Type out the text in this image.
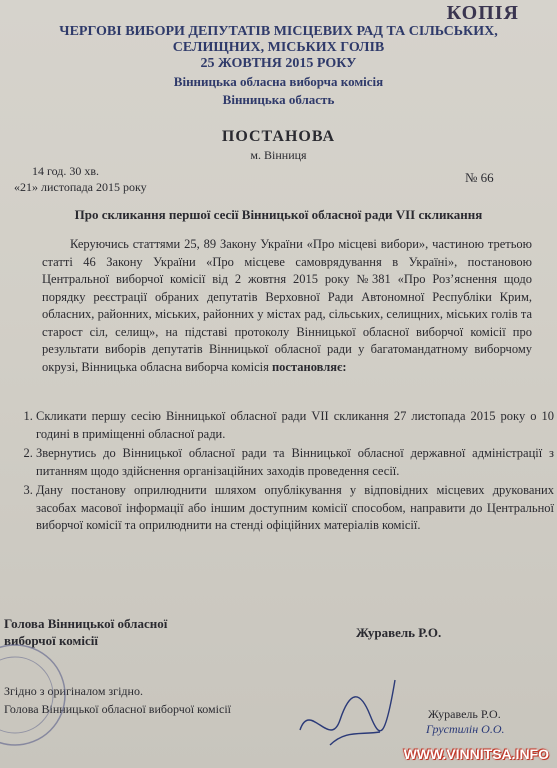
КОПІЯ
ЧЕРГОВІ ВИБОРИ ДЕПУТАТІВ МІСЦЕВИХ РАД ТА СІЛЬСЬКИХ,
СЕЛИЩНИХ, МІСЬКИХ ГОЛІВ
25 ЖОВТНЯ 2015 РОКУ
Вінницька обласна виборча комісія
Вінницька область
ПОСТАНОВА
м. Вінниця
14 год. 30 хв.
«21» листопада 2015 року
№ 66
Про скликання першої сесії Вінницької обласної ради VII скликання
Керуючись статтями 25, 89 Закону України «Про місцеві вибори», частиною третьою статті 46 Закону України «Про місцеве самоврядування в Україні», постановою Центральної виборчої комісії від 2 жовтня 2015 року №381 «Про Роз’яснення щодо порядку реєстрації обраних депутатів Верховної Ради Автономної Республіки Крим, обласних, районних, міських, районних у містах рад, сільських, селищних, міських голів та старост сіл, селищ», на підставі протоколу Вінницької обласної виборчої комісії про результати виборів депутатів Вінницької обласної ради у багатомандатному виборчому окрузі, Вінницька обласна виборча комісія постановляє:
1. Скликати першу сесію Вінницької обласної ради VII скликання 27 листопада 2015 року о 10 годині в приміщенні обласної ради.
2. Звернутись до Вінницької обласної ради та Вінницької обласної державної адміністрації з питанням щодо здійснення організаційних заходів проведення сесії.
3. Дану постанову оприлюднити шляхом опублікування у відповідних місцевих друкованих засобах масової інформації або іншим доступним комісії способом, направити до Центральної виборчої комісії та оприлюднити на стенді офіційних матеріалів комісії.
Голова Вінницької обласної
виборчої комісії
Журавель Р.О.
Згідно з оригіналом згідно.
Голова Вінницької обласної виборчої комісії	Журавель Р.О.
Грустилін О.О.
WWW.VINNITSA.INFO
